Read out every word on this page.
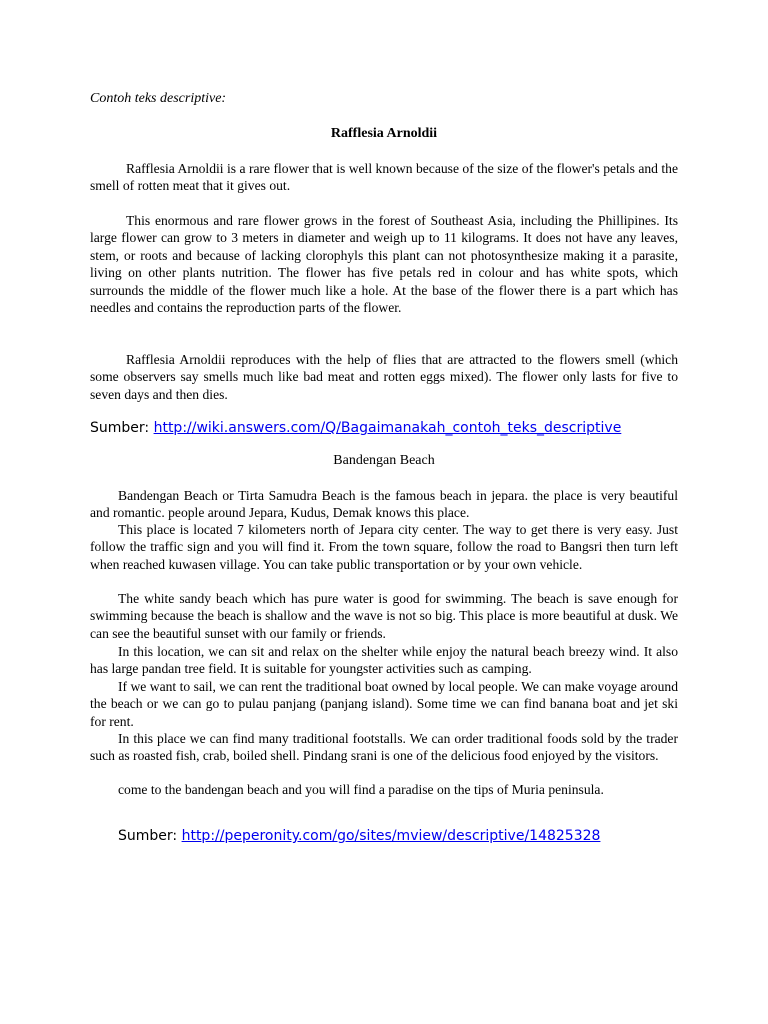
Contoh teks descriptive:
Rafflesia Arnoldii

Rafflesia Arnoldii is a rare flower that is well known because of the size of the flower's petals and the smell of rotten meat that it gives out.

This enormous and rare flower grows in the forest of Southeast Asia, including the Phillipines. Its large flower can grow to 3 meters in diameter and weigh up to 11 kilograms. It does not have any leaves, stem, or roots and because of lacking clorophyls this plant can not photosynthesize making it a parasite, living on other plants nutrition. The flower has five petals red in colour and has white spots, which surrounds the middle of the flower much like a hole. At the base of the flower there is a part which has needles and contains the reproduction parts of the flower.

Rafflesia Arnoldii reproduces with the help of flies that are attracted to the flowers smell (which some observers say smells much like bad meat and rotten eggs mixed). The flower only lasts for five to seven days and then dies.

Sumber: http://wiki.answers.com/Q/Bagaimanakah_contoh_teks_descriptive
Bandengan Beach

Bandengan Beach or Tirta Samudra Beach is the famous beach in jepara. the place is very beautiful and romantic. people around Jepara, Kudus, Demak knows this place.

This place is located 7 kilometers north of Jepara city center. The way to get there is very easy. Just follow the traffic sign and you will find it. From the town square, follow the road to Bangsri then turn left when reached kuwasen village. You can take public transportation or by your own vehicle.

The white sandy beach which has pure water is good for swimming. The beach is save enough for swimming because the beach is shallow and the wave is not so big. This place is more beautiful at dusk. We can see the beautiful sunset with our family or friends.

In this location, we can sit and relax on the shelter while enjoy the natural beach breezy wind. It also has large pandan tree field. It is suitable for youngster activities such as camping.

If we want to sail, we can rent the traditional boat owned by local people. We can make voyage around the beach or we can go to pulau panjang (panjang island). Some time we can find banana boat and jet ski for rent.

In this place we can find many traditional footstalls. We can order traditional foods sold by the trader such as roasted fish, crab, boiled shell. Pindang srani is one of the delicious food enjoyed by the visitors.

come to the bandengan beach and you will find a paradise on the tips of Muria peninsula.

Sumber: http://peperonity.com/go/sites/mview/descriptive/14825328
